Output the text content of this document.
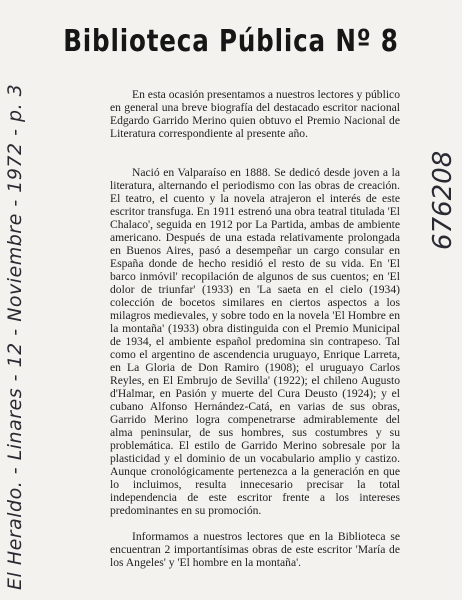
Biblioteca Pública Nº 8

En esta ocasión presentamos a nuestros lectores y público en general una breve biografía del destacado escritor nacional Edgardo Garrido Merino quien obtuvo el Premio Nacional de Literatura correspondiente al presente año.

Nació en Valparaíso en 1888. Se dedicó desde joven a la literatura, alternando el periodismo con las obras de creación. El teatro, el cuento y la novela atrajeron el interés de este escritor transfuga. En 1911 estrenó una obra teatral titulada 'El Chalaco', seguida en 1912 por La Partida, ambas de ambiente americano. Después de una estada relativamente prolongada en Buenos Aires, pasó a desempeñar un cargo consular en España donde de hecho residió el resto de su vida. En 'El barco inmóvil' recopilación de algunos de sus cuentos; en 'El dolor de triunfar' (1933) en 'La saeta en el cielo (1934) colección de bocetos similares en ciertos aspectos a los milagros medievales, y sobre todo en la novela 'El Hombre en la montaña' (1933) obra distinguida con el Premio Municipal de 1934, el ambiente español predomina sin contrapeso. Tal como el argentino de ascendencia uruguayo, Enrique Larreta, en La Gloria de Don Ramiro (1908); el uruguayo Carlos Reyles, en El Embrujo de Sevilla' (1922); el chileno Augusto d'Halmar, en Pasión y muerte del Cura Deusto (1924); y el cubano Alfonso Hernández-Catá, en varias de sus obras, Garrido Merino logra compenetrarse admirablemente del alma peninsular, de sus hombres, sus costumbres y su problemática. El estilo de Garrido Merino sobresale por la plasticidad y el dominio de un vocabulario amplio y castizo. Aunque cronológicamente pertenezca a la generación en que lo incluimos, resulta innecesario precisar la total independencia de este escritor frente a los intereses predominantes en su promoción.

Informamos a nuestros lectores que en la Biblioteca se encuentran 2 importantísimas obras de este escritor 'María de los Angeles' y 'El hombre en la montaña'.

El Heraldo. - Linares - 12 - Noviembre - 1972 - p. 3	676208
